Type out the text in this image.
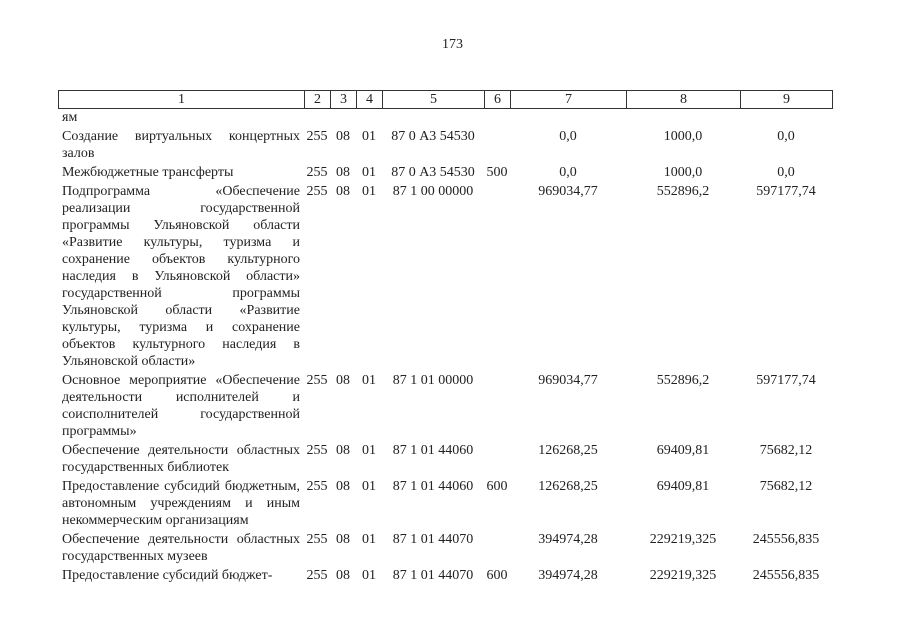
173
1	2	3	4	5	6	7	8	9
ям								
Создание виртуальных концертных залов	255	08	01	87 0 А3 54530		0,0	1000,0	0,0
Межбюджетные трансферты	255	08	01	87 0 А3 54530	500	0,0	1000,0	0,0
Подпрограмма «Обеспечение реализации государственной программы Ульяновской области «Развитие культуры, туризма и сохранение объектов культурного наследия в Ульяновской области» государственной программы Ульяновской области «Развитие культуры, туризма и сохранение объектов культурного наследия в Ульяновской области»	255	08	01	87 1 00 00000		969034,77	552896,2	597177,74
Основное мероприятие «Обеспечение деятельности исполнителей и соисполнителей государственной программы»	255	08	01	87 1 01 00000		969034,77	552896,2	597177,74
Обеспечение деятельности областных государственных библиотек	255	08	01	87 1 01 44060		126268,25	69409,81	75682,12
Предоставление субсидий бюджетным, автономным учреждениям и иным некоммерческим организациям	255	08	01	87 1 01 44060	600	126268,25	69409,81	75682,12
Обеспечение деятельности областных государственных музеев	255	08	01	87 1 01 44070		394974,28	229219,325	245556,835
Предоставление субсидий бюджет-	255	08	01	87 1 01 44070	600	394974,28	229219,325	245556,835
